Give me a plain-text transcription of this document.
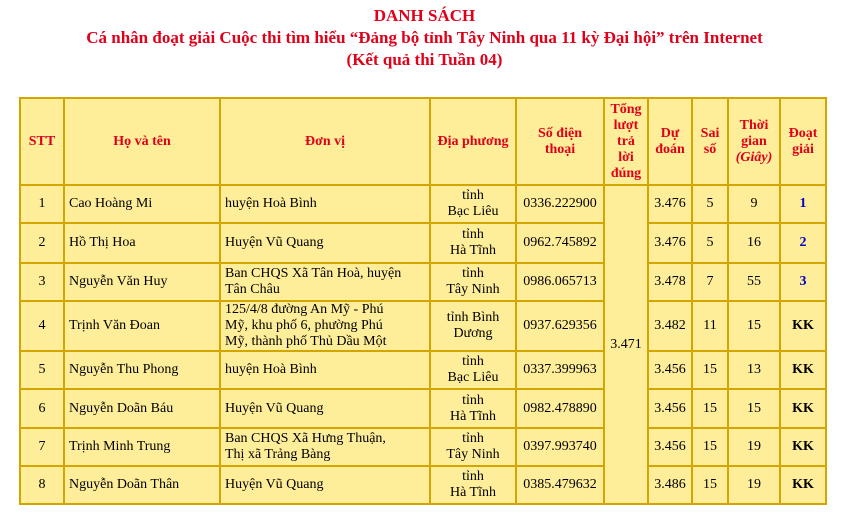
DANH SÁCH
Cá nhân đoạt giải Cuộc thi tìm hiểu “Đảng bộ tỉnh Tây Ninh qua 11 kỳ Đại hội” trên Internet
(Kết quả thi Tuần 04)
STT	Họ và tên	Đơn vị	Địa phương	Số điện
thoại	Tổng
lượt
trả
lời
đúng	Dự
đoán	Sai
số	Thời
gian
(Giây)	Đoạt
giải
1	Cao Hoàng Mi	huyện Hoà Bình	tỉnh
Bạc Liêu	0336.222900	3.471	3.476	5	9	1
2	Hồ Thị Hoa	Huyện Vũ Quang	tỉnh
Hà Tĩnh	0962.745892		3.476	5	16	2
3	Nguyễn Văn Huy	Ban CHQS Xã Tân Hoà, huyện
Tân Châu	tỉnh
Tây Ninh	0986.065713		3.478	7	55	3
4	Trịnh Văn Đoan	125/4/8 đường An Mỹ - Phú
Mỹ, khu phố 6, phường Phú
Mỹ, thành phố Thủ Dầu Một	tỉnh Bình
Dương	0937.629356		3.482	11	15	KK
5	Nguyễn Thu Phong	huyện Hoà Bình	tỉnh
Bạc Liêu	0337.399963		3.456	15	13	KK
6	Nguyễn Doãn Báu	Huyện Vũ Quang	tỉnh
Hà Tĩnh	0982.478890		3.456	15	15	KK
7	Trịnh Minh Trung	Ban CHQS Xã Hưng Thuận,
Thị xã Trảng Bàng	tỉnh
Tây Ninh	0397.993740		3.456	15	19	KK
8	Nguyễn Doãn Thân	Huyện Vũ Quang	tỉnh
Hà Tĩnh	0385.479632		3.486	15	19	KK
